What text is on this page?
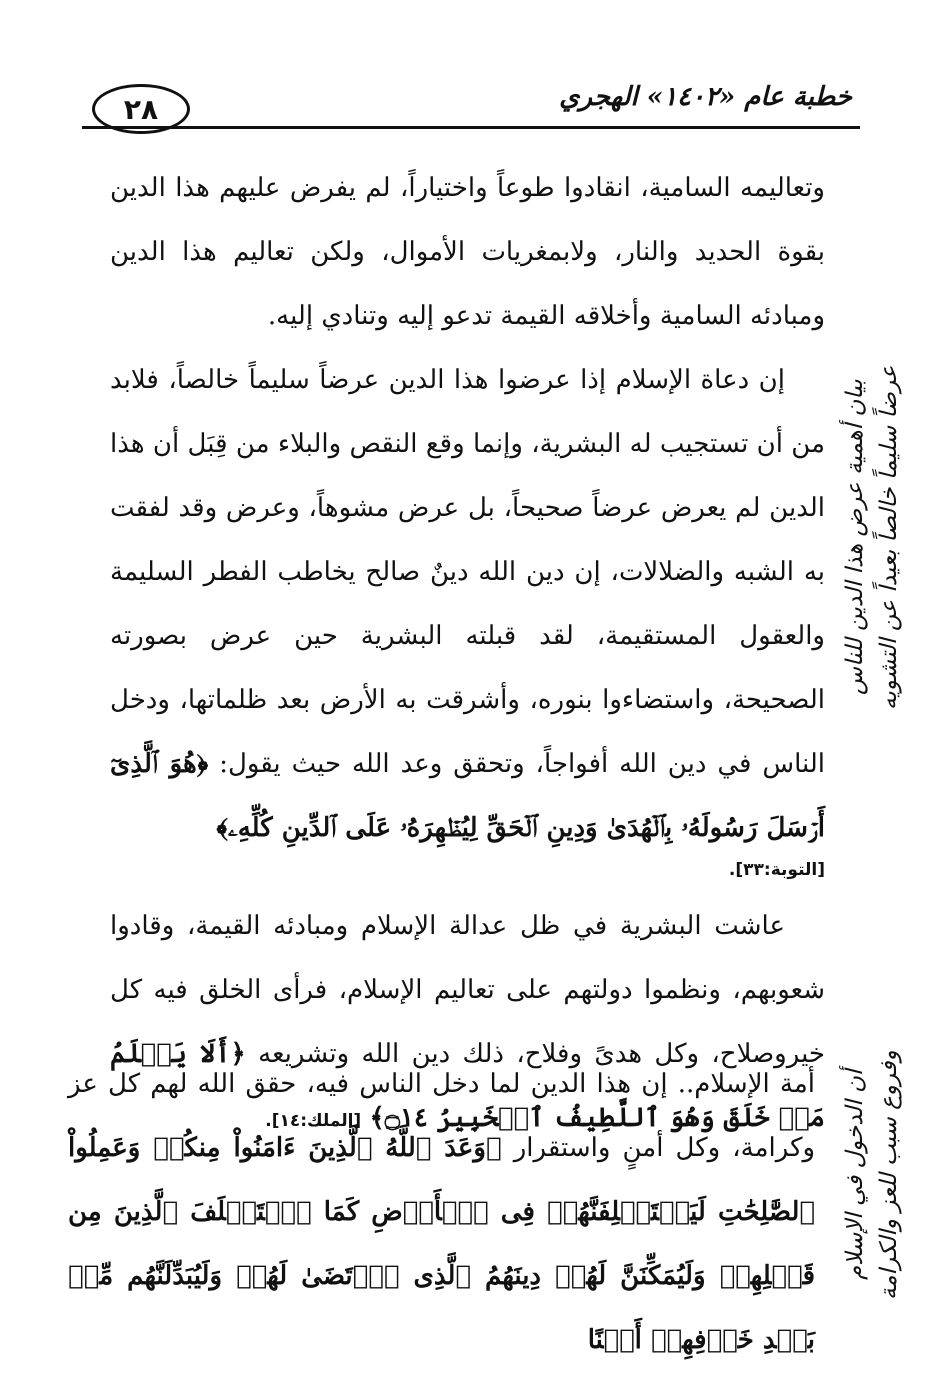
خطبة عام «١٤٠٢» الهجري
٢٨

وتعاليمه السامية، انقادوا طوعاً واختياراً، لم يفرض عليهم هذا الدين بقوة الحديد والنار، ولابمغريات الأموال، ولكن تعاليم هذا الدين ومبادئه السامية وأخلاقه القيمة تدعو إليه وتنادي إليه.

إن دعاة الإسلام إذا عرضوا هذا الدين عرضاً سليماً خالصاً، فلابد من أن تستجيب له البشرية، وإنما وقع النقص والبلاء من قِبَل أن هذا الدين لم يعرض عرضاً صحيحاً، بل عرض مشوهاً، وعرض وقد لفقت به الشبه والضلالات، إن دين الله دينٌ صالح يخاطب الفطر السليمة والعقول المستقيمة، لقد قبلته البشرية حين عرض بصورته الصحيحة، واستضاءوا بنوره، وأشرقت به الأرض بعد ظلماتها، ودخل الناس في دين الله أفواجاً، وتحقق وعد الله حيث يقول: ﴿هُوَ ٱلَّذِىٓ أَرۡسَلَ رَسُولَهُۥ بِٱلۡهُدَىٰ وَدِينِ ٱلۡحَقِّ لِيُظۡهِرَهُۥ عَلَى ٱلدِّينِ كُلِّهِۦ﴾

[التوبة:٣٣].

عاشت البشرية في ظل عدالة الإسلام ومبادئه القيمة، وقادوا شعوبهم، ونظموا دولتهم على تعاليم الإسلام، فرأى الخلق فيه كل خيروصلاح، وكل هدىً وفلاح، ذلك دين الله وتشريعه ﴿أَلَا يَعۡلَمُ مَنۡ خَلَقَ وَهُوَ ٱللَّطِيفُ ٱلۡخَبِيرُ ۝١٤﴾ [الملك:١٤].

أمة الإسلام.. إن هذا الدين لما دخل الناس فيه، حقق الله لهم كل عز وكرامة، وكل أمنٍ واستقرار ﴿وَعَدَ ٱللَّهُ ٱلَّذِينَ ءَامَنُواْ مِنكُمۡ وَعَمِلُواْ ٱلصَّٰلِحَٰتِ لَيَسۡتَخۡلِفَنَّهُمۡ فِى ٱلۡأَرۡضِ كَمَا ٱسۡتَخۡلَفَ ٱلَّذِينَ مِن قَبۡلِهِمۡ وَلَيُمَكِّنَنَّ لَهُمۡ دِينَهُمُ ٱلَّذِى ٱرۡتَضَىٰ لَهُمۡ وَلَيُبَدِّلَنَّهُم مِّنۢ بَعۡدِ خَوۡفِهِمۡ أَمۡنًا

بيان أهمية عرض هذا الدين للناس عرضاً سليماً خالصاً بعيداً عن التشويه
أن الدخول في الإسلام وفروع سبب للعز والكرامة
